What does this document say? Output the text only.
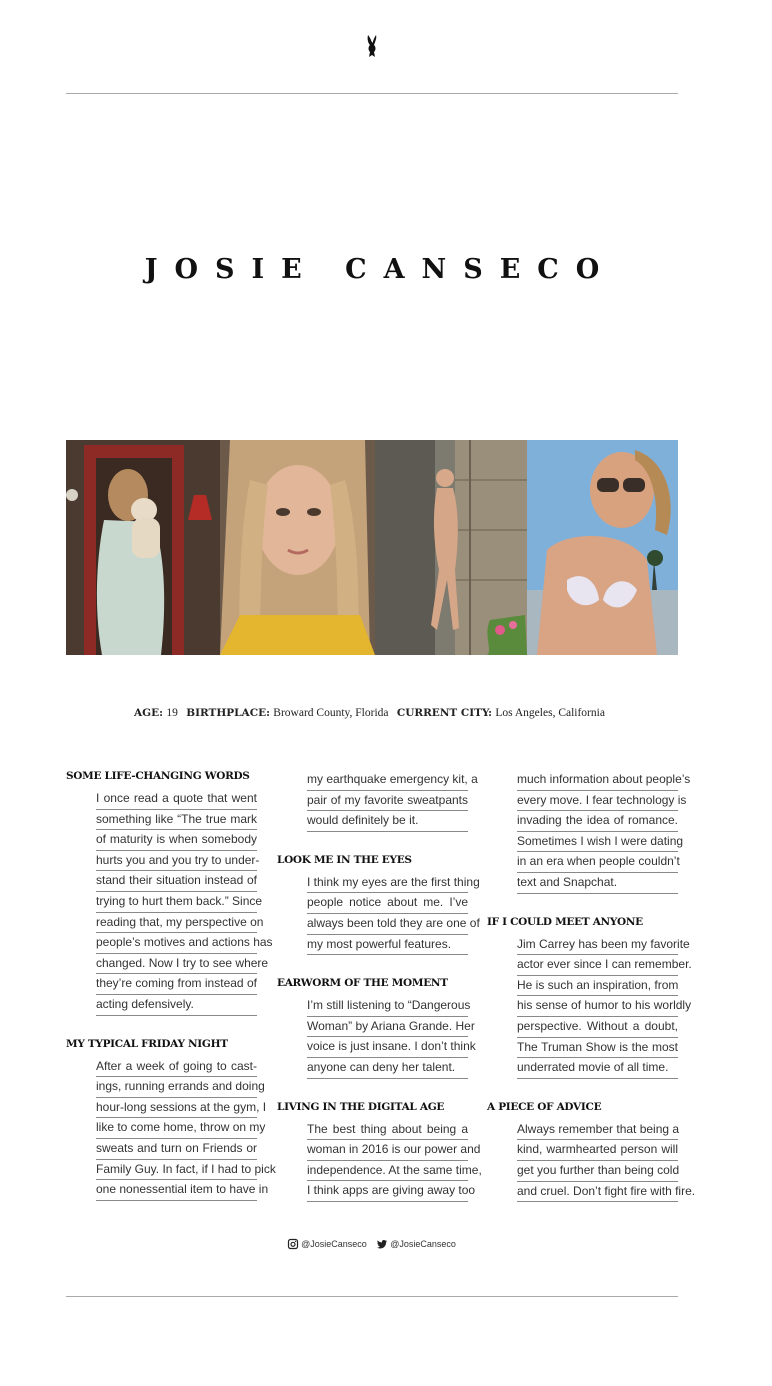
JOSIE CANSECO
AGE: 19 BIRTHPLACE: Broward County, Florida CURRENT CITY: Los Angeles, California
SOME LIFE-CHANGING WORDS
I once read a quote that went
something like “The true mark
of maturity is when somebody
hurts you and you try to under-
stand their situation instead of
trying to hurt them back.” Since
reading that, my perspective on
people’s motives and actions has
changed. Now I try to see where
they’re coming from instead of
acting defensively.
MY TYPICAL FRIDAY NIGHT
After a week of going to cast-
ings, running errands and doing
hour-long sessions at the gym, I
like to come home, throw on my
sweats and turn on Friends or
Family Guy. In fact, if I had to pick
one nonessential item to have in
my earthquake emergency kit, a
pair of my favorite sweatpants
would definitely be it.
LOOK ME IN THE EYES
I think my eyes are the first thing
people notice about me. I’ve
always been told they are one of
my most powerful features.
EARWORM OF THE MOMENT
I’m still listening to “Dangerous
Woman” by Ariana Grande. Her
voice is just insane. I don’t think
anyone can deny her talent.
LIVING IN THE DIGITAL AGE
The best thing about being a
woman in 2016 is our power and
independence. At the same time,
I think apps are giving away too
much information about people’s
every move. I fear technology is
invading the idea of romance.
Sometimes I wish I were dating
in an era when people couldn’t
text and Snapchat.
IF I COULD MEET ANYONE
Jim Carrey has been my favorite
actor ever since I can remember.
He is such an inspiration, from
his sense of humor to his worldly
perspective. Without a doubt,
The Truman Show is the most
underrated movie of all time.
A PIECE OF ADVICE
Always remember that being a
kind, warmhearted person will
get you further than being cold
and cruel. Don’t fight fire with fire.
@JosieCanseco
	@JosieCanseco
